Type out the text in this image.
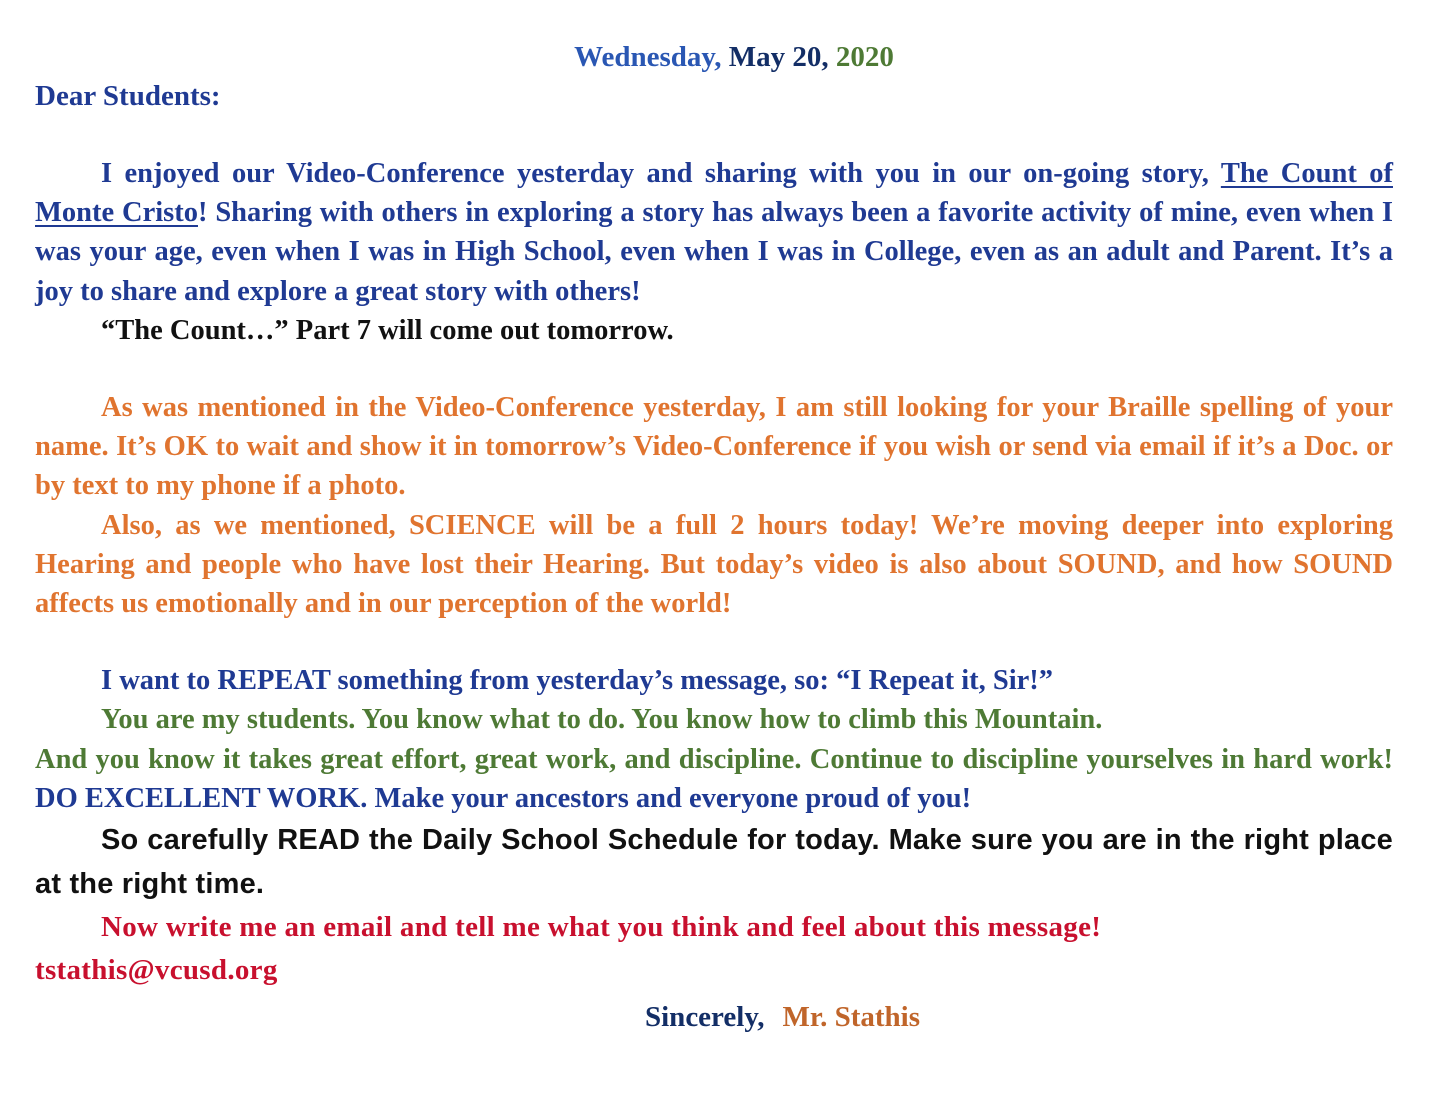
Wednesday, May 20, 2020
Dear Students:

I enjoyed our Video-Conference yesterday and sharing with you in our on-going story, The Count of Monte Cristo! Sharing with others in exploring a story has always been a favorite activity of mine, even when I was your age, even when I was in High School, even when I was in College, even as an adult and Parent. It’s a joy to share and explore a great story with others!

“The Count…” Part 7 will come out tomorrow.

As was mentioned in the Video-Conference yesterday, I am still looking for your Braille spelling of your name. It’s OK to wait and show it in tomorrow’s Video-Conference if you wish or send via email if it’s a Doc. or by text to my phone if a photo.

Also, as we mentioned, SCIENCE will be a full 2 hours today! We’re moving deeper into exploring Hearing and people who have lost their Hearing. But today’s video is also about SOUND, and how SOUND affects us emotionally and in our perception of the world!

I want to REPEAT something from yesterday’s message, so: “I Repeat it, Sir!”

You are my students. You know what to do. You know how to climb this Mountain.

And you know it takes great effort, great work, and discipline. Continue to discipline yourselves in hard work! DO EXCELLENT WORK. Make your ancestors and everyone proud of you!

So carefully READ the Daily School Schedule for today. Make sure you are in the right place at the right time.

Now write me an email and tell me what you think and feel about this message!
tstathis@vcusd.org

Sincerely, Mr. Stathis
